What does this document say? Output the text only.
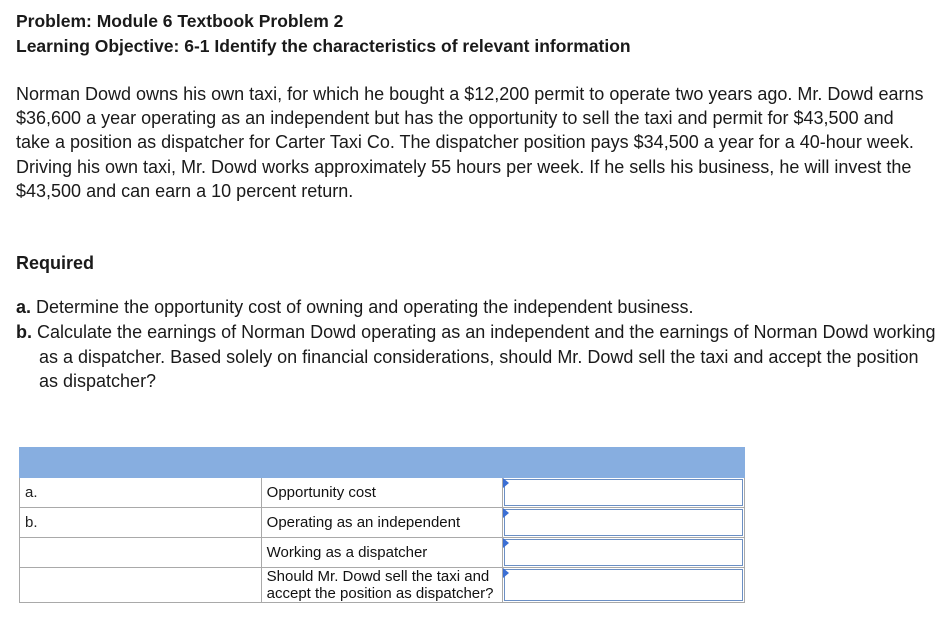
Problem: Module 6 Textbook Problem 2
Learning Objective: 6-1 Identify the characteristics of relevant information
Norman Dowd owns his own taxi, for which he bought a $12,200 permit to operate two years ago. Mr. Dowd earns $36,600 a year operating as an independent but has the opportunity to sell the taxi and permit for $43,500 and take a position as dispatcher for Carter Taxi Co. The dispatcher position pays $34,500 a year for a 40-hour week. Driving his own taxi, Mr. Dowd works approximately 55 hours per week. If he sells his business, he will invest the $43,500 and can earn a 10 percent return.
Required
a. Determine the opportunity cost of owning and operating the independent business.
b. Calculate the earnings of Norman Dowd operating as an independent and the earnings of Norman Dowd working as a dispatcher. Based solely on financial considerations, should Mr. Dowd sell the taxi and accept the position as dispatcher?

a.	Opportunity cost	

b.	Operating as an independent	

	Working as a dispatcher	

	Should Mr. Dowd sell the taxi and accept the position as dispatcher?	
